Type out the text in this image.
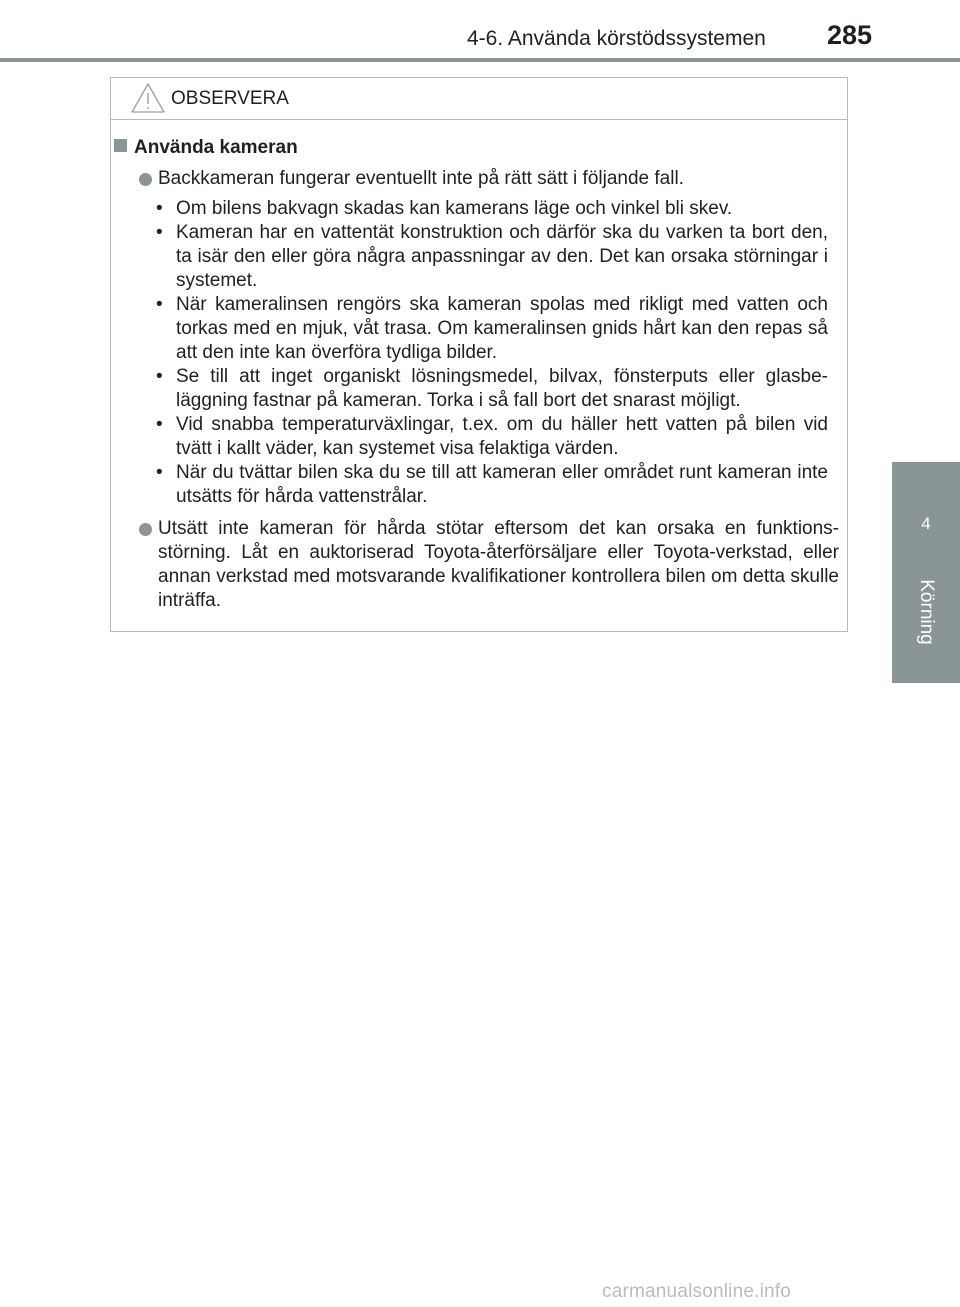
4-6. Använda körstödssystemen 285
4
Körning
OBSERVERA
Använda kameran
Backkameran fungerar eventuellt inte på rätt sätt i följande fall.
• Om bilens bakvagn skadas kan kamerans läge och vinkel bli skev.
• Kameran har en vattentät konstruktion och därför ska du varken ta bort den, ta isär den eller göra några anpassningar av den. Det kan orsaka störningar i systemet.
• När kameralinsen rengörs ska kameran spolas med rikligt med vatten och torkas med en mjuk, våt trasa. Om kameralinsen gnids hårt kan den repas så att den inte kan överföra tydliga bilder.
• Se till att inget organiskt lösningsmedel, bilvax, fönsterputs eller glasbeläggning fastnar på kameran. Torka i så fall bort det snarast möjligt.
• Vid snabba temperaturväxlingar, t.ex. om du häller hett vatten på bilen vid tvätt i kallt väder, kan systemet visa felaktiga värden.
• När du tvättar bilen ska du se till att kameran eller området runt kameran inte utsätts för hårda vattenstrålar.
Utsätt inte kameran för hårda stötar eftersom det kan orsaka en funktionsstörning. Låt en auktoriserad Toyota-återförsäljare eller Toyota-verkstad, eller annan verkstad med motsvarande kvalifikationer kontrollera bilen om detta skulle inträffa.
carmanualsonline.info
